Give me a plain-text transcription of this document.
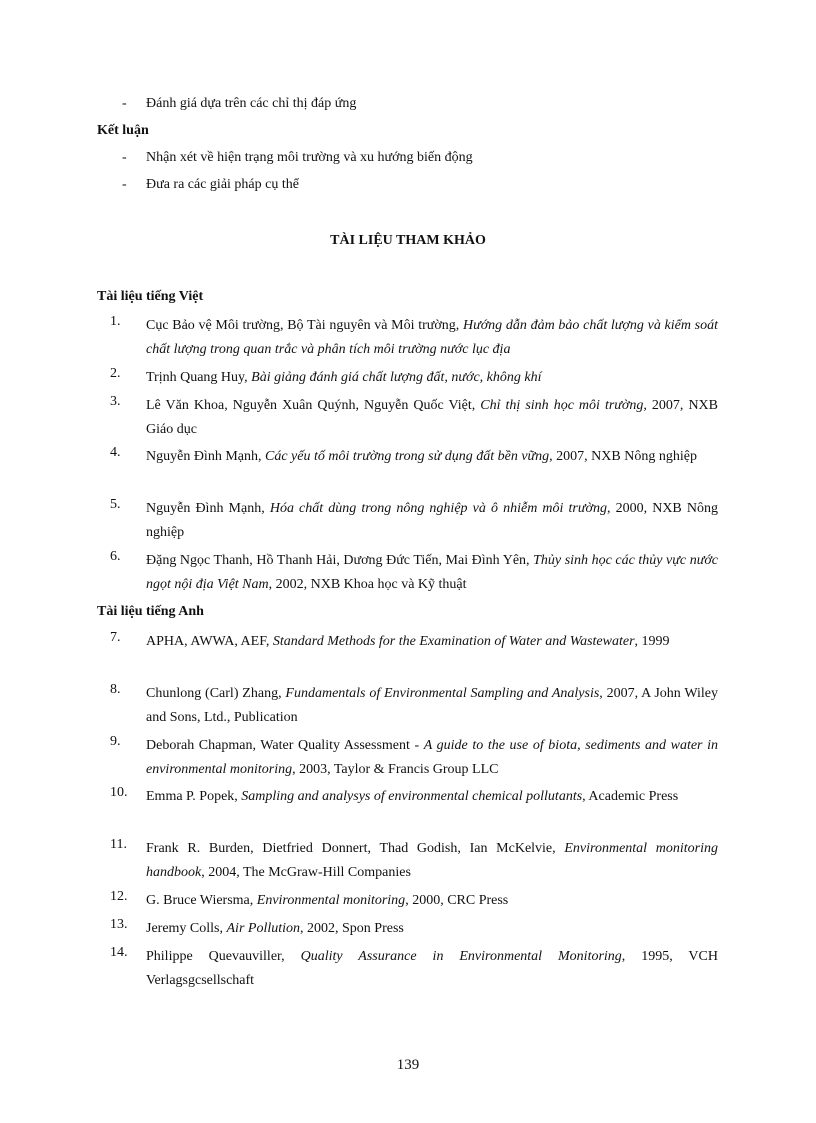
- Đánh giá dựa trên các chỉ thị đáp ứng
Kết luận
- Nhận xét về hiện trạng môi trường và xu hướng biến động
- Đưa ra các giải pháp cụ thể
TÀI LIỆU THAM KHẢO
Tài liệu tiếng Việt
1. Cục Bảo vệ Môi trường, Bộ Tài nguyên và Môi trường, Hướng dẫn đảm bảo chất lượng và kiểm soát chất lượng trong quan trắc và phân tích môi trường nước lục địa
2. Trịnh Quang Huy, Bài giảng đánh giá chất lượng đất, nước, không khí
3. Lê Văn Khoa, Nguyễn Xuân Quýnh, Nguyễn Quốc Việt, Chỉ thị sinh học môi trường, 2007, NXB Giáo dục
4. Nguyễn Đình Mạnh, Các yếu tố môi trường trong sử dụng đất bền vững, 2007, NXB Nông nghiệp
5. Nguyễn Đình Mạnh, Hóa chất dùng trong nông nghiệp và ô nhiễm môi trường, 2000, NXB Nông nghiệp
6. Đặng Ngọc Thanh, Hồ Thanh Hải, Dương Đức Tiến, Mai Đình Yên, Thủy sinh học các thủy vực nước ngọt nội địa Việt Nam, 2002, NXB Khoa học và Kỹ thuật
Tài liệu tiếng Anh
7. APHA, AWWA, AEF, Standard Methods for the Examination of Water and Wastewater, 1999
8. Chunlong (Carl) Zhang, Fundamentals of Environmental Sampling and Analysis, 2007, A John Wiley and Sons, Ltd., Publication
9. Deborah Chapman, Water Quality Assessment - A guide to the use of biota, sediments and water in environmental monitoring, 2003, Taylor & Francis Group LLC
10. Emma P. Popek, Sampling and analysys of environmental chemical pollutants, Academic Press
11. Frank R. Burden, Dietfried Donnert, Thad Godish, Ian McKelvie, Environmental monitoring handbook, 2004, The McGraw-Hill Companies
12. G. Bruce Wiersma, Environmental monitoring, 2000, CRC Press
13. Jeremy Colls, Air Pollution, 2002, Spon Press
14. Philippe Quevauviller, Quality Assurance in Environmental Monitoring, 1995, VCH Verlagsgcsellschaft
139
